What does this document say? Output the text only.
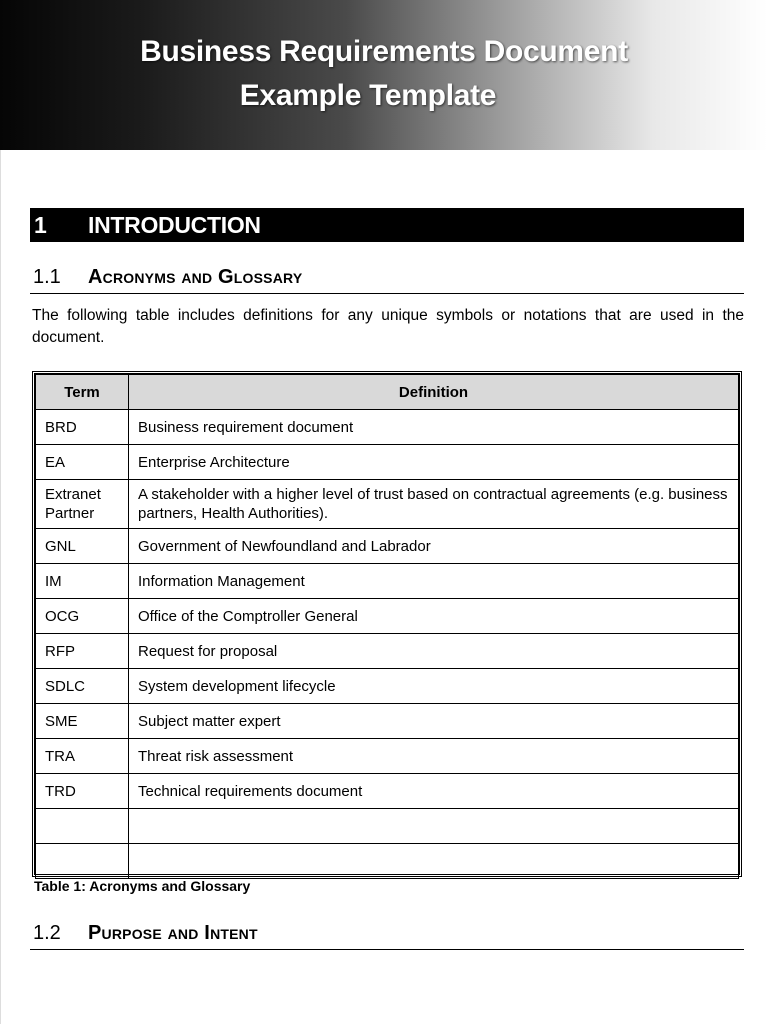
Business Requirements Document
Example Template
1 INTRODUCTION
1.1 Acronyms and Glossary
The following table includes definitions for any unique symbols or notations that are used in the document.
Term	Definition
BRD	Business requirement document
EA	Enterprise Architecture
Extranet Partner	A stakeholder with a higher level of trust based on contractual agreements (e.g. business partners, Health Authorities).
GNL	Government of Newfoundland and Labrador
IM	Information Management
OCG	Office of the Comptroller General
RFP	Request for proposal
SDLC	System development lifecycle
SME	Subject matter expert
TRA	Threat risk assessment
TRD	Technical requirements document

Table 1: Acronyms and Glossary
1.2 Purpose and Intent
